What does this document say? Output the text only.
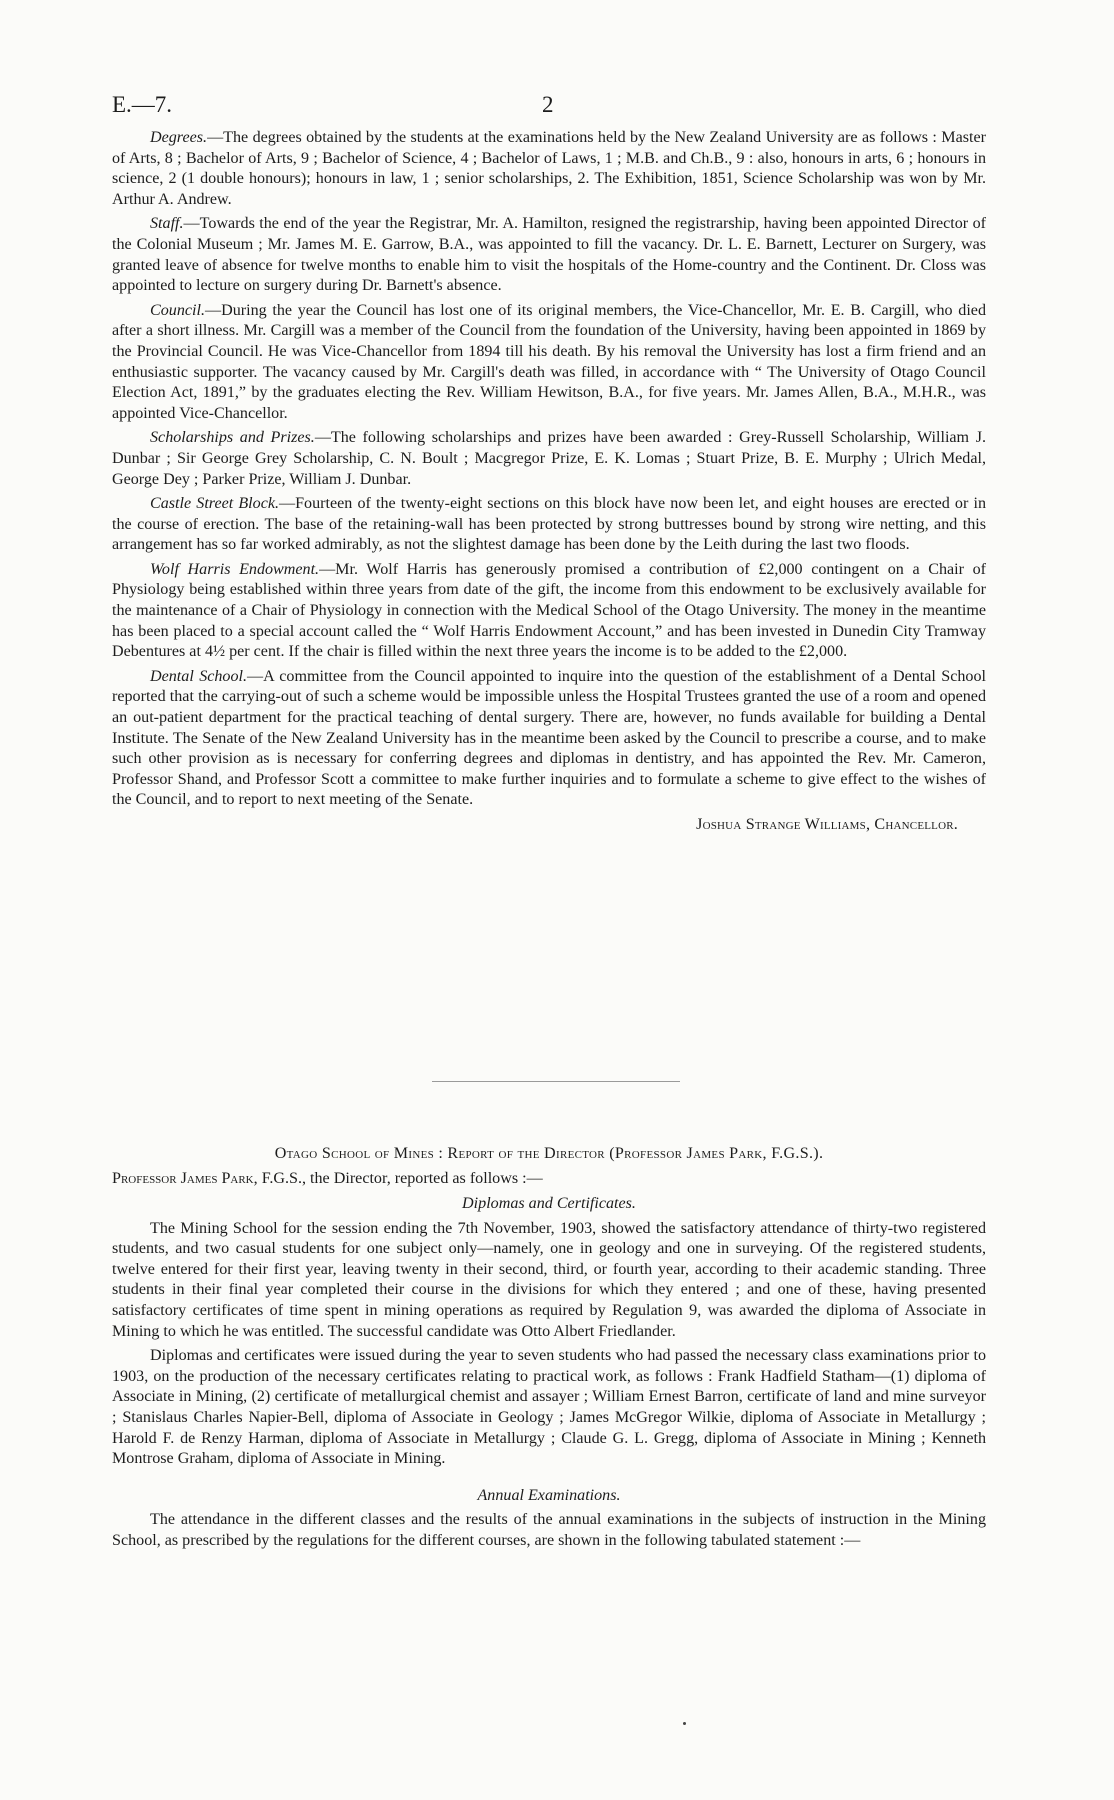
E.—7.	2

Degrees.—The degrees obtained by the students at the examinations held by the New Zealand University are as follows : Master of Arts, 8 ; Bachelor of Arts, 9 ; Bachelor of Science, 4 ; Bachelor of Laws, 1 ; M.B. and Ch.B., 9 : also, honours in arts, 6 ; honours in science, 2 (1 double honours); honours in law, 1 ; senior scholarships, 2. The Exhibition, 1851, Science Scholarship was won by Mr. Arthur A. Andrew.

Staff.—Towards the end of the year the Registrar, Mr. A. Hamilton, resigned the registrarship, having been appointed Director of the Colonial Museum ; Mr. James M. E. Garrow, B.A., was appointed to fill the vacancy. Dr. L. E. Barnett, Lecturer on Surgery, was granted leave of absence for twelve months to enable him to visit the hospitals of the Home-country and the Continent. Dr. Closs was appointed to lecture on surgery during Dr. Barnett's absence.

Council.—During the year the Council has lost one of its original members, the Vice-Chancellor, Mr. E. B. Cargill, who died after a short illness. Mr. Cargill was a member of the Council from the foundation of the University, having been appointed in 1869 by the Provincial Council. He was Vice-Chancellor from 1894 till his death. By his removal the University has lost a firm friend and an enthusiastic supporter. The vacancy caused by Mr. Cargill's death was filled, in accordance with “ The University of Otago Council Election Act, 1891,” by the graduates electing the Rev. William Hewitson, B.A., for five years. Mr. James Allen, B.A., M.H.R., was appointed Vice-Chancellor.

Scholarships and Prizes.—The following scholarships and prizes have been awarded : Grey-Russell Scholarship, William J. Dunbar ; Sir George Grey Scholarship, C. N. Boult ; Macgregor Prize, E. K. Lomas ; Stuart Prize, B. E. Murphy ; Ulrich Medal, George Dey ; Parker Prize, William J. Dunbar.

Castle Street Block.—Fourteen of the twenty-eight sections on this block have now been let, and eight houses are erected or in the course of erection. The base of the retaining-wall has been protected by strong buttresses bound by strong wire netting, and this arrangement has so far worked admirably, as not the slightest damage has been done by the Leith during the last two floods.

Wolf Harris Endowment.—Mr. Wolf Harris has generously promised a contribution of £2,000 contingent on a Chair of Physiology being established within three years from date of the gift, the income from this endowment to be exclusively available for the maintenance of a Chair of Physiology in connection with the Medical School of the Otago University. The money in the meantime has been placed to a special account called the “ Wolf Harris Endowment Account,” and has been invested in Dunedin City Tramway Debentures at 4½ per cent. If the chair is filled within the next three years the income is to be added to the £2,000.

Dental School.—A committee from the Council appointed to inquire into the question of the establishment of a Dental School reported that the carrying-out of such a scheme would be impossible unless the Hospital Trustees granted the use of a room and opened an out-patient department for the practical teaching of dental surgery. There are, however, no funds available for building a Dental Institute. The Senate of the New Zealand University has in the meantime been asked by the Council to prescribe a course, and to make such other provision as is necessary for conferring degrees and diplomas in dentistry, and has appointed the Rev. Mr. Cameron, Professor Shand, and Professor Scott a committee to make further inquiries and to formulate a scheme to give effect to the wishes of the Council, and to report to next meeting of the Senate.

Joshua Strange Williams, Chancellor.
Otago School of Mines : Report of the Director (Professor James Park, F.G.S.).
Professor James Park, F.G.S., the Director, reported as follows :—

Diplomas and Certificates.

The Mining School for the session ending the 7th November, 1903, showed the satisfactory attendance of thirty-two registered students, and two casual students for one subject only—namely, one in geology and one in surveying. Of the registered students, twelve entered for their first year, leaving twenty in their second, third, or fourth year, according to their academic standing. Three students in their final year completed their course in the divisions for which they entered ; and one of these, having presented satisfactory certificates of time spent in mining operations as required by Regulation 9, was awarded the diploma of Associate in Mining to which he was entitled. The successful candidate was Otto Albert Friedlander.

Diplomas and certificates were issued during the year to seven students who had passed the necessary class examinations prior to 1903, on the production of the necessary certificates relating to practical work, as follows : Frank Hadfield Statham—(1) diploma of Associate in Mining, (2) certificate of metallurgical chemist and assayer ; William Ernest Barron, certificate of land and mine surveyor ; Stanislaus Charles Napier-Bell, diploma of Associate in Geology ; James McGregor Wilkie, diploma of Associate in Metallurgy ; Harold F. de Renzy Harman, diploma of Associate in Metallurgy ; Claude G. L. Gregg, diploma of Associate in Mining ; Kenneth Montrose Graham, diploma of Associate in Mining.

Annual Examinations.

The attendance in the different classes and the results of the annual examinations in the subjects of instruction in the Mining School, as prescribed by the regulations for the different courses, are shown in the following tabulated statement :—
